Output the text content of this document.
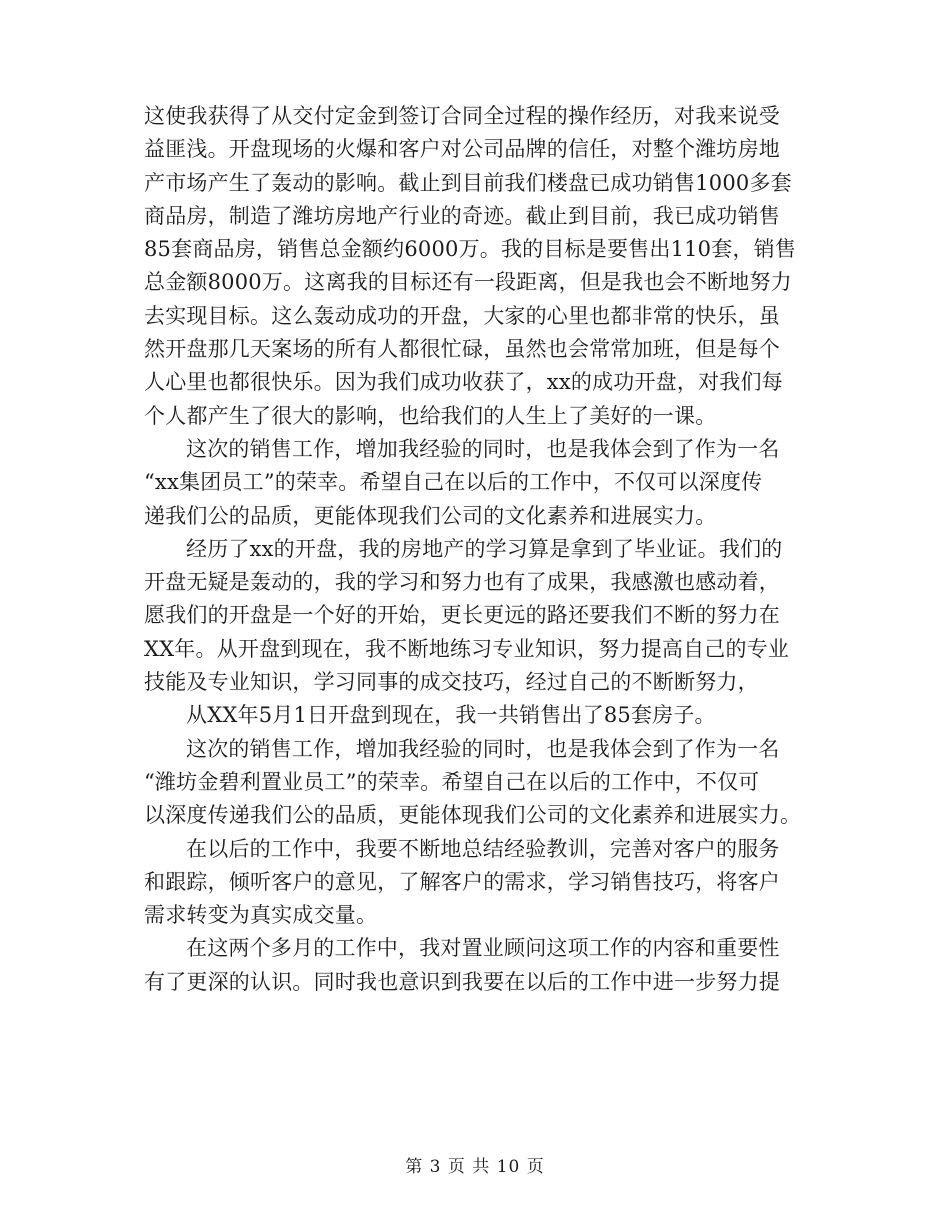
这使我获得了从交付定金到签订合同全过程的操作经历，对我来说受
益匪浅。开盘现场的火爆和客户对公司品牌的信任，对整个潍坊房地
产市场产生了轰动的影响。截止到目前我们楼盘已成功销售1000多套
商品房，制造了潍坊房地产行业的奇迹。截止到目前，我已成功销售
85套商品房，销售总金额约6000万。我的目标是要售出110套，销售
总金额8000万。这离我的目标还有一段距离，但是我也会不断地努力
去实现目标。这么轰动成功的开盘，大家的心里也都非常的快乐，虽
然开盘那几天案场的所有人都很忙碌，虽然也会常常加班，但是每个
人心里也都很快乐。因为我们成功收获了，xx的成功开盘，对我们每
个人都产生了很大的影响，也给我们的人生上了美好的一课。

这次的销售工作，增加我经验的同时，也是我体会到了作为一名
“xx集团员工”的荣幸。希望自己在以后的工作中，不仅可以深度传
递我们公的品质，更能体现我们公司的文化素养和进展实力。

经历了xx的开盘，我的房地产的学习算是拿到了毕业证。我们的
开盘无疑是轰动的，我的学习和努力也有了成果，我感激也感动着，
愿我们的开盘是一个好的开始，更长更远的路还要我们不断的努力在
XX年。从开盘到现在，我不断地练习专业知识，努力提高自己的专业
技能及专业知识，学习同事的成交技巧，经过自己的不断断努力，

从XX年5月1日开盘到现在，我一共销售出了85套房子。

这次的销售工作，增加我经验的同时，也是我体会到了作为一名
“潍坊金碧利置业员工”的荣幸。希望自己在以后的工作中，不仅可
以深度传递我们公的品质，更能体现我们公司的文化素养和进展实力。

在以后的工作中，我要不断地总结经验教训，完善对客户的服务
和跟踪，倾听客户的意见，了解客户的需求，学习销售技巧，将客户
需求转变为真实成交量。

在这两个多月的工作中，我对置业顾问这项工作的内容和重要性
有了更深的认识。同时我也意识到我要在以后的工作中进一步努力提

第 3 页 共 10 页
